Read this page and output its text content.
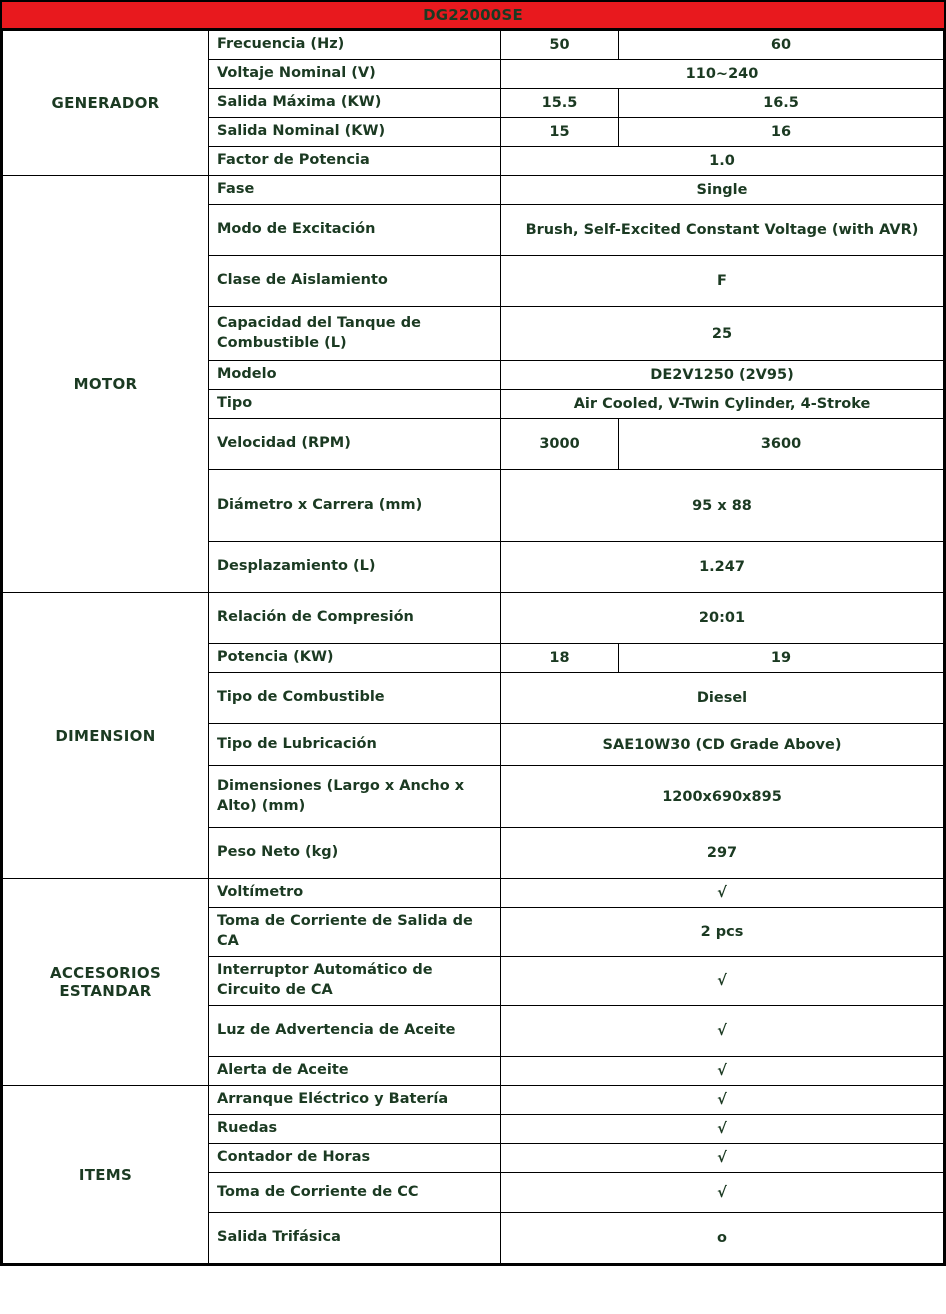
DG22000SE
GENERADOR	Frecuencia (Hz)	50	60
	Voltaje Nominal (V)	110~240	
	Salida Máxima (KW)	15.5	16.5
	Salida Nominal (KW)	15	16
	Factor de Potencia	1.0	
MOTOR	Fase	Single	
	Modo de Excitación	Brush, Self-Excited Constant Voltage (with AVR)	
	Clase de Aislamiento	F	
	Capacidad del Tanque de Combustible (L)	25	
	Modelo	DE2V1250 (2V95)	
	Tipo	Air Cooled, V-Twin Cylinder, 4-Stroke	
	Velocidad (RPM)	3000	3600
	Diámetro x Carrera (mm)	95 x 88	
	Desplazamiento (L)	1.247	
DIMENSION	Relación de Compresión	20:01	
	Potencia (KW)	18	19
	Tipo de Combustible	Diesel	
	Tipo de Lubricación	SAE10W30 (CD Grade Above)	
	Dimensiones (Largo x Ancho x Alto) (mm)	1200x690x895	
	Peso Neto (kg)	297	
ACCESORIOS ESTANDAR	Voltímetro	√	
	Toma de Corriente de Salida de CA	2 pcs	
	Interruptor Automático de Circuito de CA	√	
	Luz de Advertencia de Aceite	√	
	Alerta de Aceite	√	
ITEMS	Arranque Eléctrico y Batería	√	
	Ruedas	√	
	Contador de Horas	√	
	Toma de Corriente de CC	√	
	Salida Trifásica	o	
